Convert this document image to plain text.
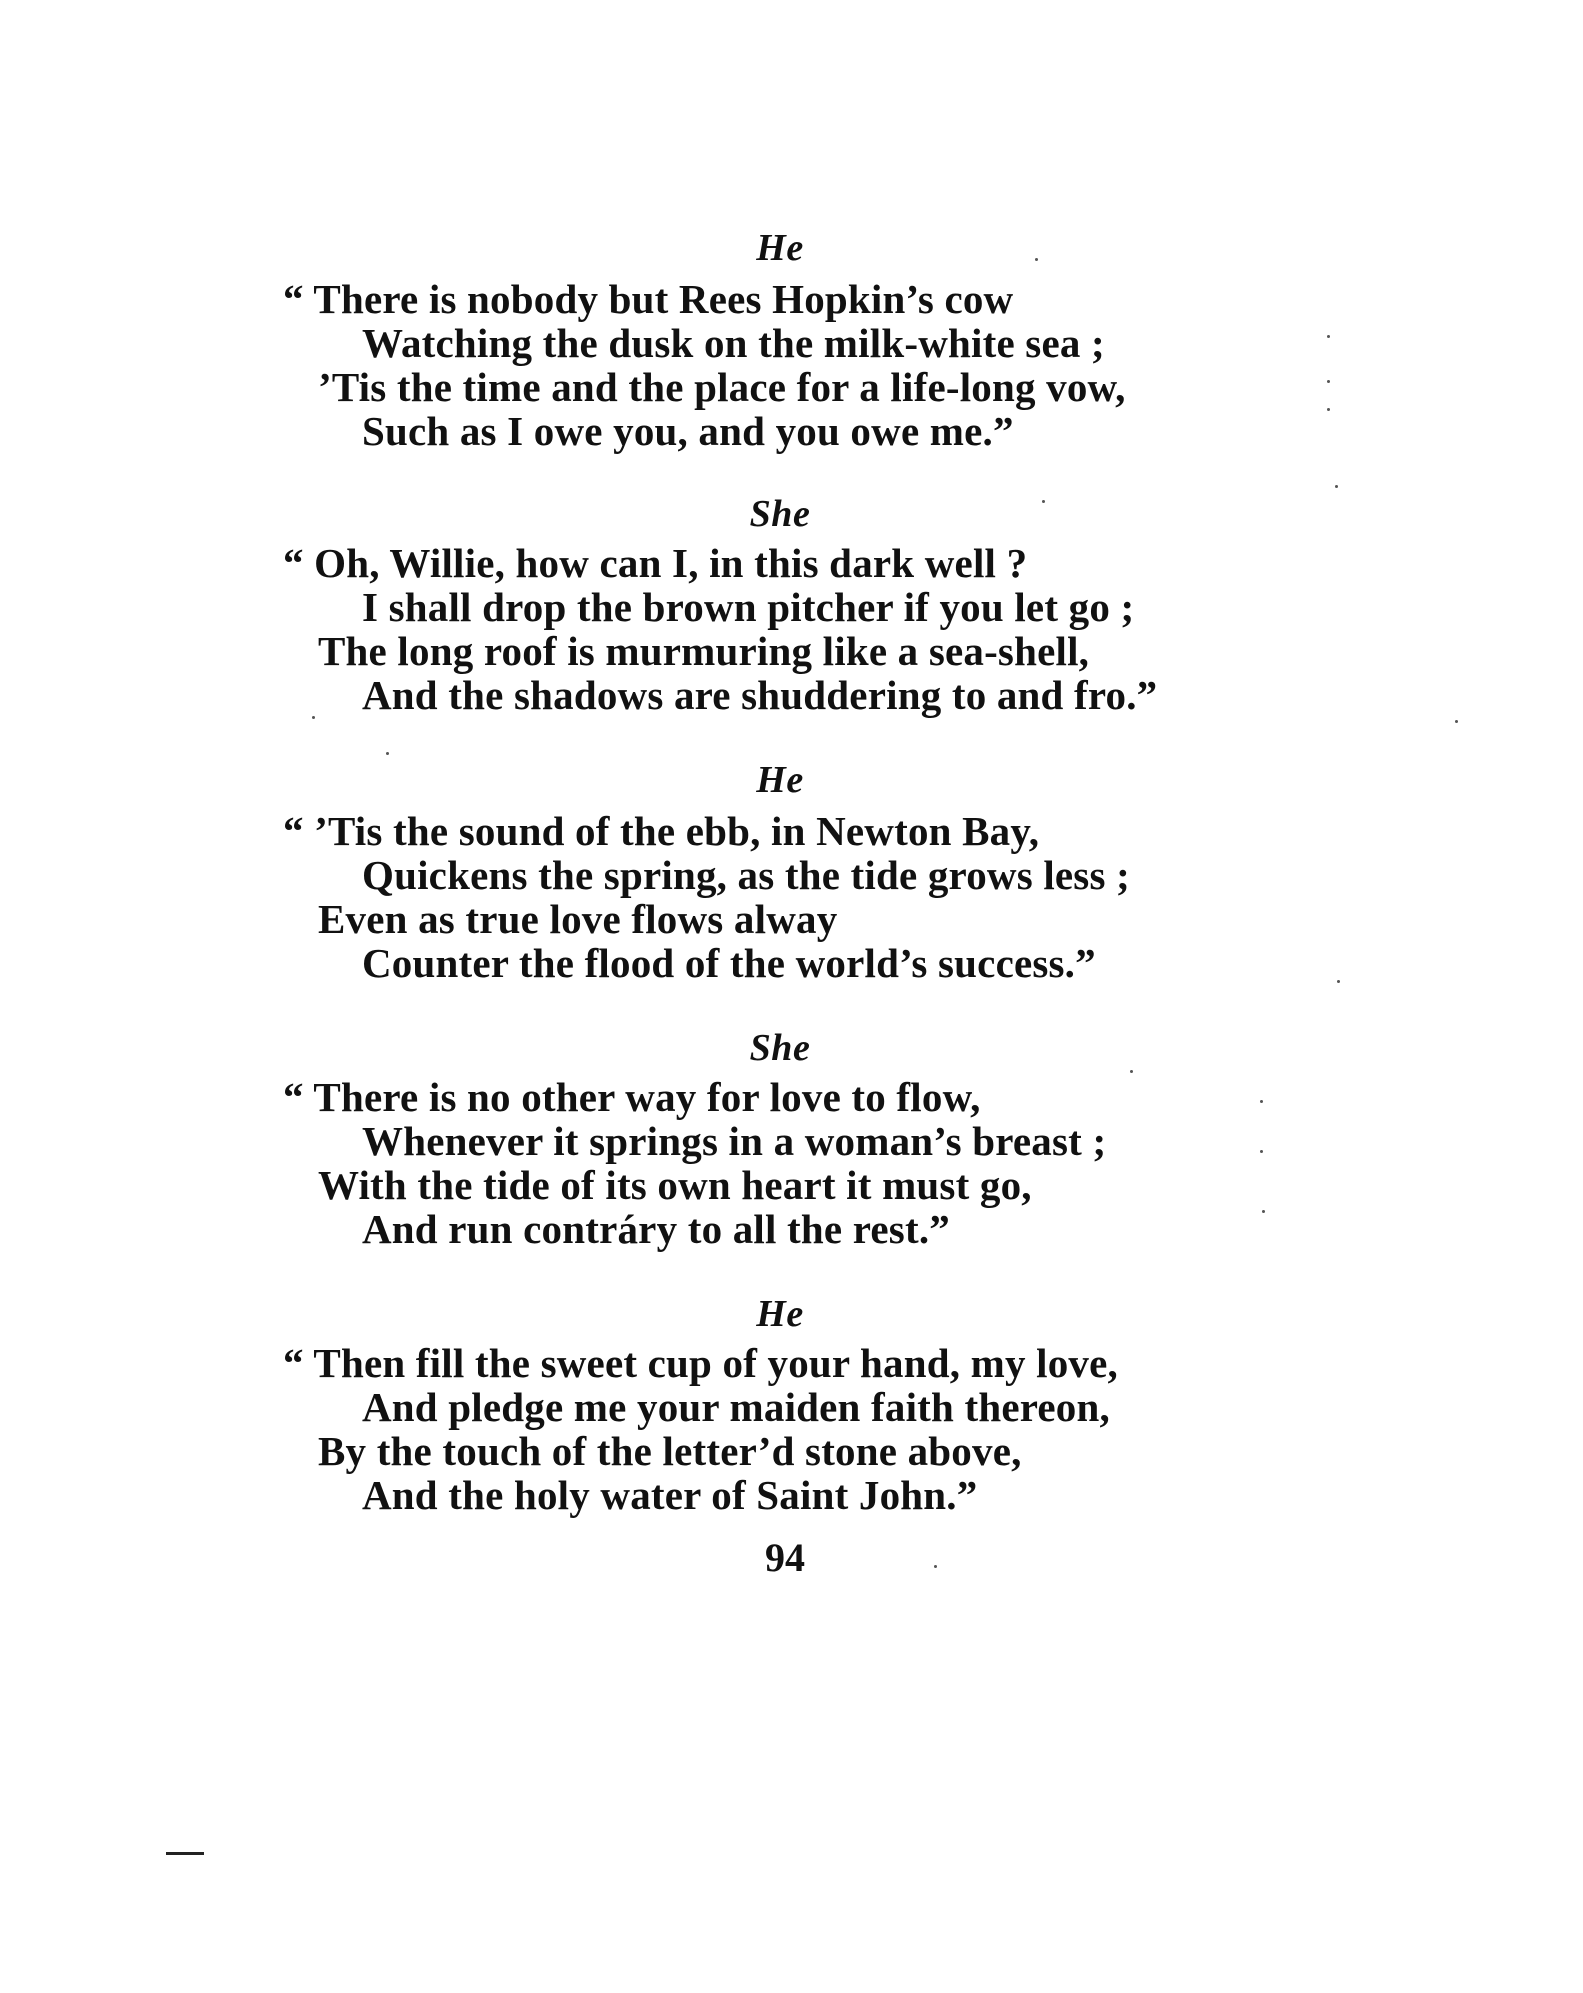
He
“ There is nobody but Rees Hopkin’s cow
Watching the dusk on the milk-white sea ;
’Tis the time and the place for a life-long vow,
Such as I owe you, and you owe me.”
She
“ Oh, Willie, how can I, in this dark well ?
I shall drop the brown pitcher if you let go ;
The long roof is murmuring like a sea-shell,
And the shadows are shuddering to and fro.”
He
“ ’Tis the sound of the ebb, in Newton Bay,
Quickens the spring, as the tide grows less ;
Even as true love flows alway
Counter the flood of the world’s success.”
She
“ There is no other way for love to flow,
Whenever it springs in a woman’s breast ;
With the tide of its own heart it must go,
And run contráry to all the rest.”
He
“ Then fill the sweet cup of your hand, my love,
And pledge me your maiden faith thereon,
By the touch of the letter’d stone above,
And the holy water of Saint John.”
94
